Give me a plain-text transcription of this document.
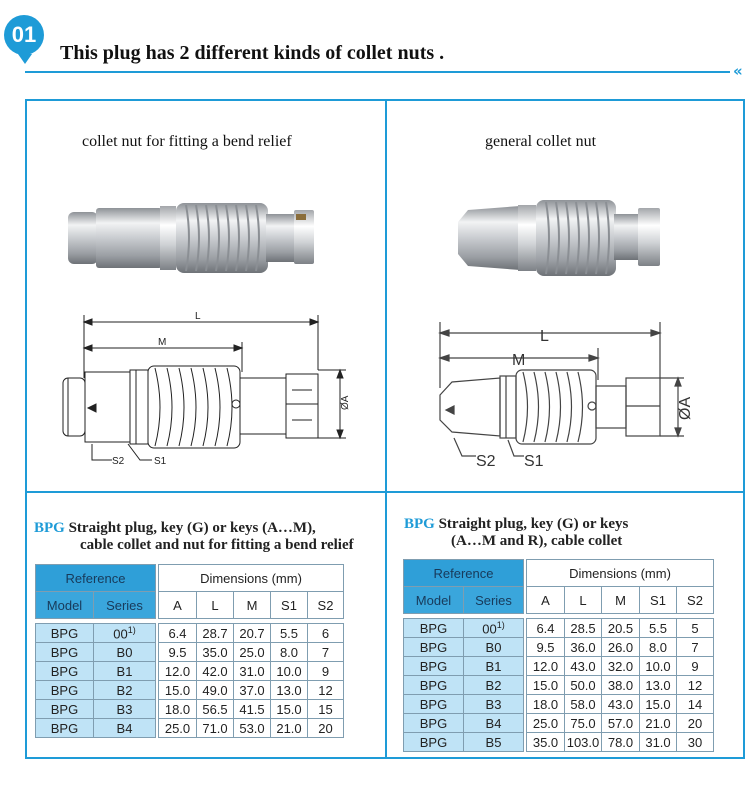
01
This plug has 2 different kinds of collet nuts .
«
collet nut for fitting a bend relief	general collet nut
L
M
ØA
S2	S1
L
M
ØA
S2 S1
BPG Straight plug, key (G) or keys (A…M),
cable collet and nut for fitting a bend relief
Reference			Dimensions (mm)				
Model	Series		A	L	M	S1	S2

BPG	00$^{1)}$		6.4	28.7	20.7	5.5	6
BPG	B0		9.5	35.0	25.0	8.0	7
BPG	B1		12.0	42.0	31.0	10.0	9
BPG	B2		15.0	49.0	37.0	13.0	12
BPG	B3		18.0	56.5	41.5	15.0	15
BPG	B4		25.0	71.0	53.0	21.0	20
BPG Straight plug, key (G) or keys
(A…M and R), cable collet
Reference			Dimensions (mm)				
Model	Series		A	L	M	S1	S2

BPG	00$^{1)}$		6.4	28.5	20.5	5.5	5
BPG	B0		9.5	36.0	26.0	8.0	7
BPG	B1		12.0	43.0	32.0	10.0	9
BPG	B2		15.0	50.0	38.0	13.0	12
BPG	B3		18.0	58.0	43.0	15.0	14
BPG	B4		25.0	75.0	57.0	21.0	20
BPG	B5		35.0	103.0	78.0	31.0	30
